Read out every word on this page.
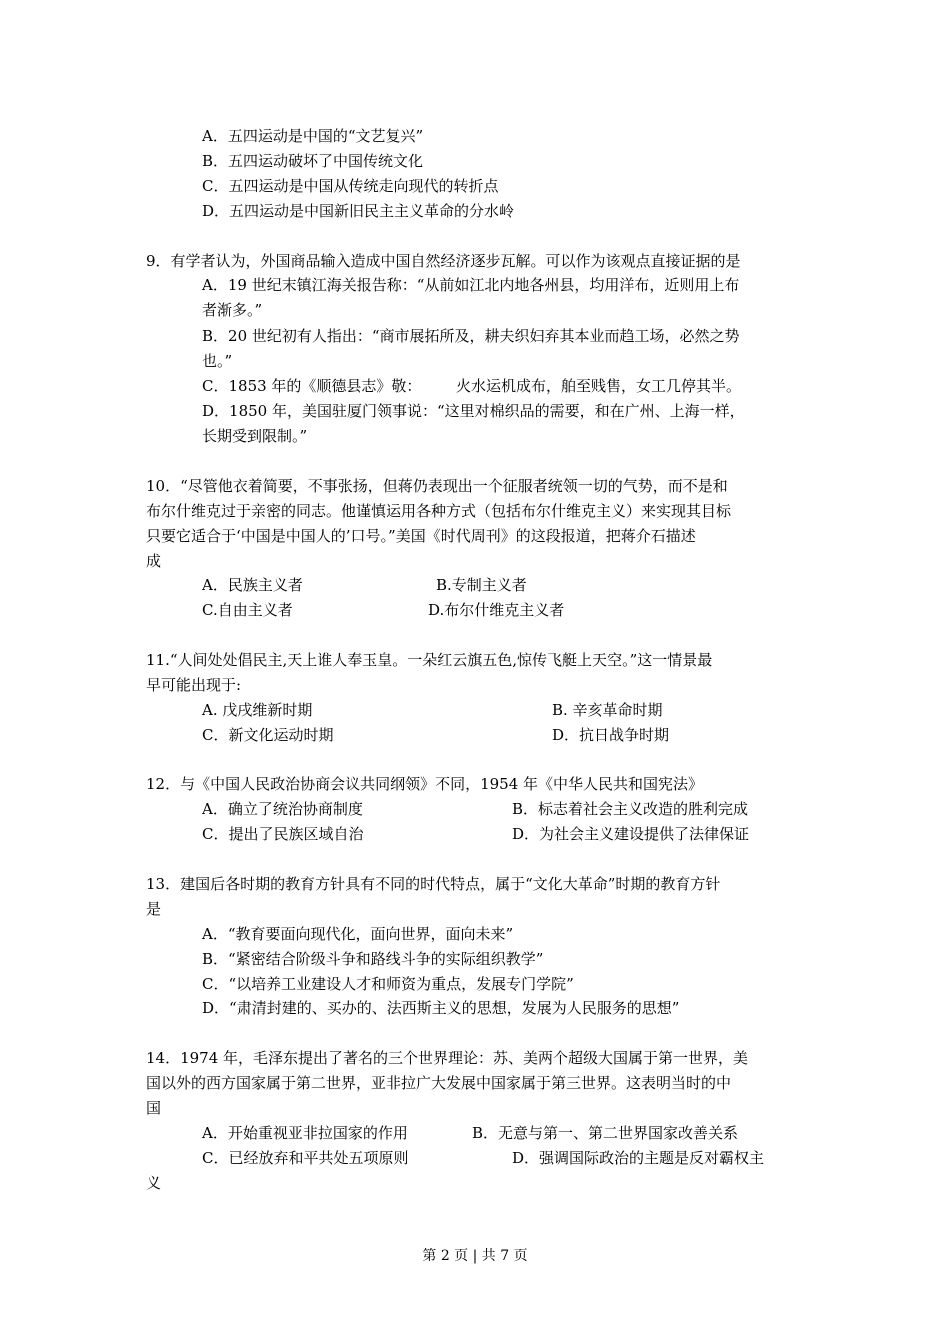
A．五四运动是中国的“文艺复兴”
B．五四运动破坏了中国传统文化
C．五四运动是中国从传统走向现代的转折点
D．五四运动是中国新旧民主主义革命的分水岭
9．有学者认为，外国商品输入造成中国自然经济逐步瓦解。可以作为该观点直接证据的是
A．19 世纪末镇江海关报告称：“从前如江北内地各州县，均用洋布，近则用上布
者渐多。”
B．20 世纪初有人指出：“商市展拓所及，耕夫织妇弃其本业而趋工场，必然之势
也。”
C．1853 年的《顺德县志》敬： 火水运机成布，舶至贱售，女工几停其半。
D．1850 年，美国驻厦门领事说：“这里对棉织品的需要，和在广州、上海一样，
长期受到限制。”
10．“尽管他衣着简要，不事张扬，但蒋仍表现出一个征服者统领一切的气势，而不是和
布尔什维克过于亲密的同志。他谨慎运用各种方式（包括布尔什维克主义）来实现其目标
只要它适合于‘中国是中国人的’口号。”美国《时代周刊》的这段报道，把蒋介石描述
成
A．民族主义者	B.专制主义者
C.自由主义者	D.布尔什维克主义者
11.“人间处处倡民主,天上谁人奉玉皇。一朵红云旗五色,惊传飞艇上天空。”这一情景最
早可能出现于:
A. 戊戌维新时期	B. 辛亥革命时期
C．新文化运动时期	D．抗日战争时期
12．与《中国人民政治协商会议共同纲领》不同，1954 年《中华人民共和国宪法》
A．确立了统治协商制度	B．标志着社会主义改造的胜利完成
C．提出了民族区域自治	D．为社会主义建设提供了法律保证
13．建国后各时期的教育方针具有不同的时代特点，属于“文化大革命”时期的教育方针
是
A．“教育要面向现代化，面向世界，面向未来”
B．“紧密结合阶级斗争和路线斗争的实际组织教学”
C．“以培养工业建设人才和师资为重点，发展专门学院”
D．“肃清封建的、买办的、法西斯主义的思想，发展为人民服务的思想”
14．1974 年，毛泽东提出了著名的三个世界理论：苏、美两个超级大国属于第一世界，美
国以外的西方国家属于第二世界，亚非拉广大发展中国家属于第三世界。这表明当时的中
国
A．开始重视亚非拉国家的作用	B．无意与第一、第二世界国家改善关系
C．已经放弃和平共处五项原则	D．强调国际政治的主题是反对霸权主
义
第 2 页 | 共 7 页
